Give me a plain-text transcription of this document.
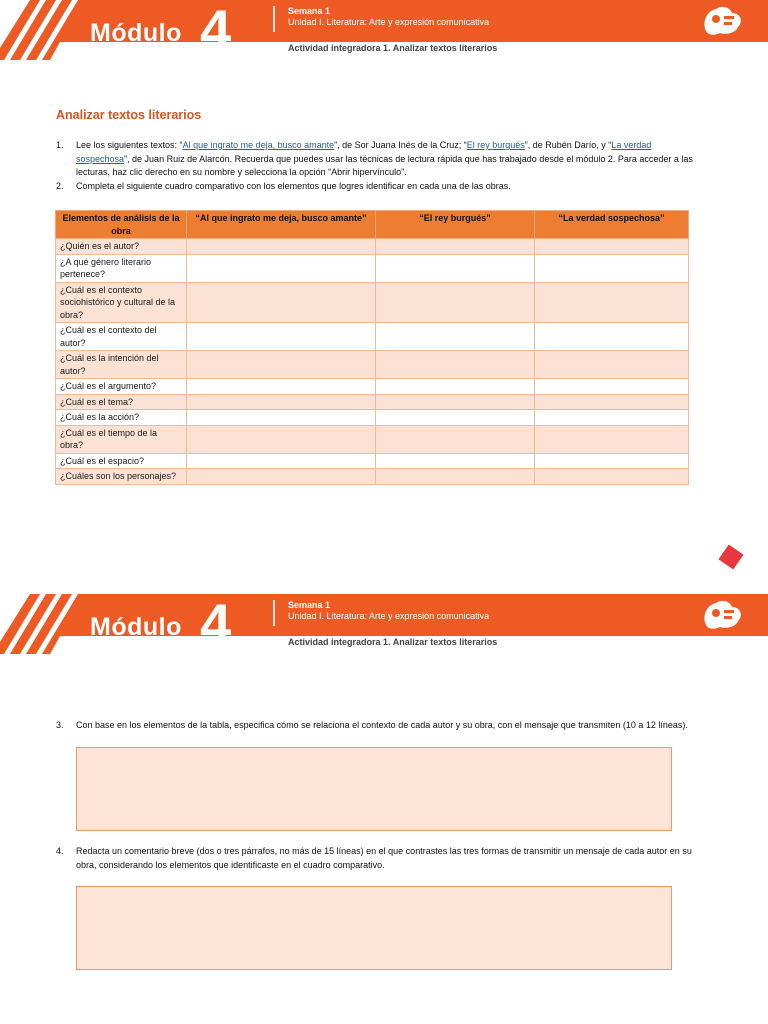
Módulo 4	Semana 1
Unidad I. Literatura: Arte y expresión comunicativa
Actividad integradora 1. Analizar textos literarios
Analizar textos literarios
1.	Lee los siguientes textos: “Al que ingrato me deja, busco amante”, de Sor Juana Inés de la Cruz; “El rey burgués”, de Rubén Darío, y “La verdad sospechosa”, de Juan Ruiz de Alarcón. Recuerda que puedes usar las técnicas de lectura rápida que has trabajado desde el módulo 2. Para acceder a las lecturas, haz clic derecho en su nombre y selecciona la opción “Abrir hipervínculo”.
2.	Completa el siguiente cuadro comparativo con los elementos que logres identificar en cada una de las obras.
Elementos de análisis de la obra	“Al que ingrato me deja, busco amante”	“El rey burgués”	“La verdad sospechosa”
¿Quién es el autor?			
¿A qué género literario pertenece?			
¿Cuál es el contexto sociohistórico y cultural de la obra?			
¿Cuál es el contexto del autor?			
¿Cuál es la intención del autor?			
¿Cuál es el argumento?			
¿Cuál es el tema?			
¿Cuál es la acción?			
¿Cuál es el tiempo de la obra?			
¿Cuál es el espacio?			
¿Cuáles son los personajes?			
Módulo 4	Semana 1
Unidad I. Literatura: Arte y expresión comunicativa
Actividad integradora 1. Analizar textos literarios
3.	Con base en los elementos de la tabla, especifica cómo se relaciona el contexto de cada autor y su obra, con el mensaje que transmiten (10 a 12 líneas).
4.	Redacta un comentario breve (dos o tres párrafos, no más de 15 líneas) en el que contrastes las tres formas de transmitir un mensaje de cada autor en su obra, considerando los elementos que identificaste en el cuadro comparativo.
